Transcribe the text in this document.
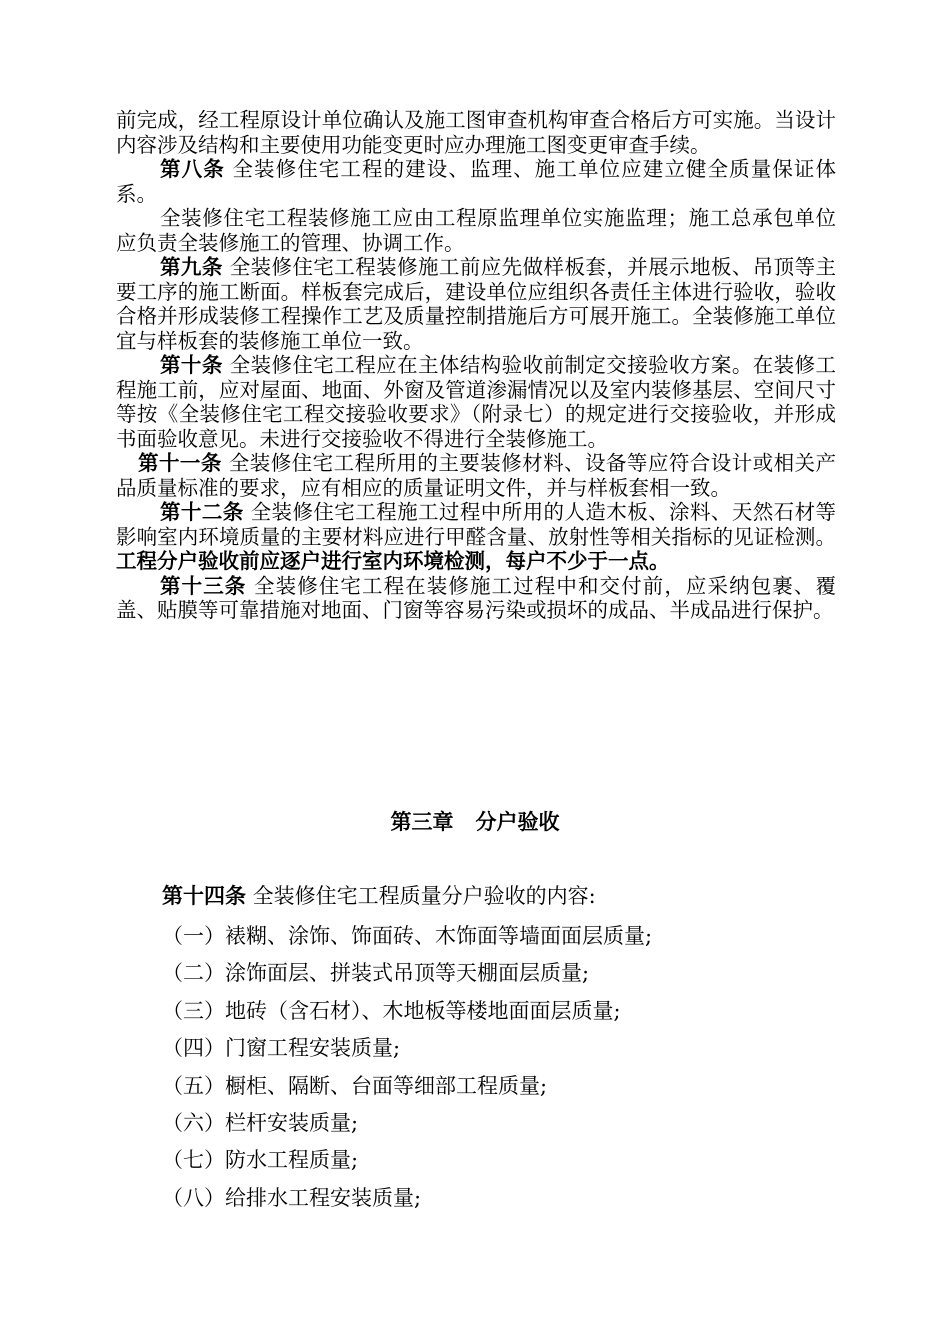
前完成，经工程原设计单位确认及施工图审查机构审查合格后方可实施。当设计内容涉及结构和主要使用功能变更时应办理施工图变更审查手续。

第八条 全装修住宅工程的建设、监理、施工单位应建立健全质量保证体系。

全装修住宅工程装修施工应由工程原监理单位实施监理；施工总承包单位应负责全装修施工的管理、协调工作。

第九条 全装修住宅工程装修施工前应先做样板套，并展示地板、吊顶等主要工序的施工断面。样板套完成后，建设单位应组织各责任主体进行验收，验收合格并形成装修工程操作工艺及质量控制措施后方可展开施工。全装修施工单位宜与样板套的装修施工单位一致。

第十条 全装修住宅工程应在主体结构验收前制定交接验收方案。在装修工程施工前，应对屋面、地面、外窗及管道渗漏情况以及室内装修基层、空间尺寸等按《全装修住宅工程交接验收要求》（附录七）的规定进行交接验收，并形成书面验收意见。未进行交接验收不得进行全装修施工。

第十一条 全装修住宅工程所用的主要装修材料、设备等应符合设计或相关产品质量标准的要求，应有相应的质量证明文件，并与样板套相一致。

第十二条 全装修住宅工程施工过程中所用的人造木板、涂料、天然石材等影响室内环境质量的主要材料应进行甲醛含量、放射性等相关指标的见证检测。工程分户验收前应逐户进行室内环境检测，每户不少于一点。

第十三条 全装修住宅工程在装修施工过程中和交付前，应采纳包裹、覆盖、贴膜等可靠措施对地面、门窗等容易污染或损坏的成品、半成品进行保护。

第三章 分户验收
第十四条 全装修住宅工程质量分户验收的内容:
（一）裱糊、涂饰、饰面砖、木饰面等墙面面层质量;
（二）涂饰面层、拼装式吊顶等天棚面层质量;
（三）地砖（含石材）、木地板等楼地面面层质量;
（四）门窗工程安装质量;
（五）橱柜、隔断、台面等细部工程质量;
（六）栏杆安装质量;
（七）防水工程质量;
（八）给排水工程安装质量;
